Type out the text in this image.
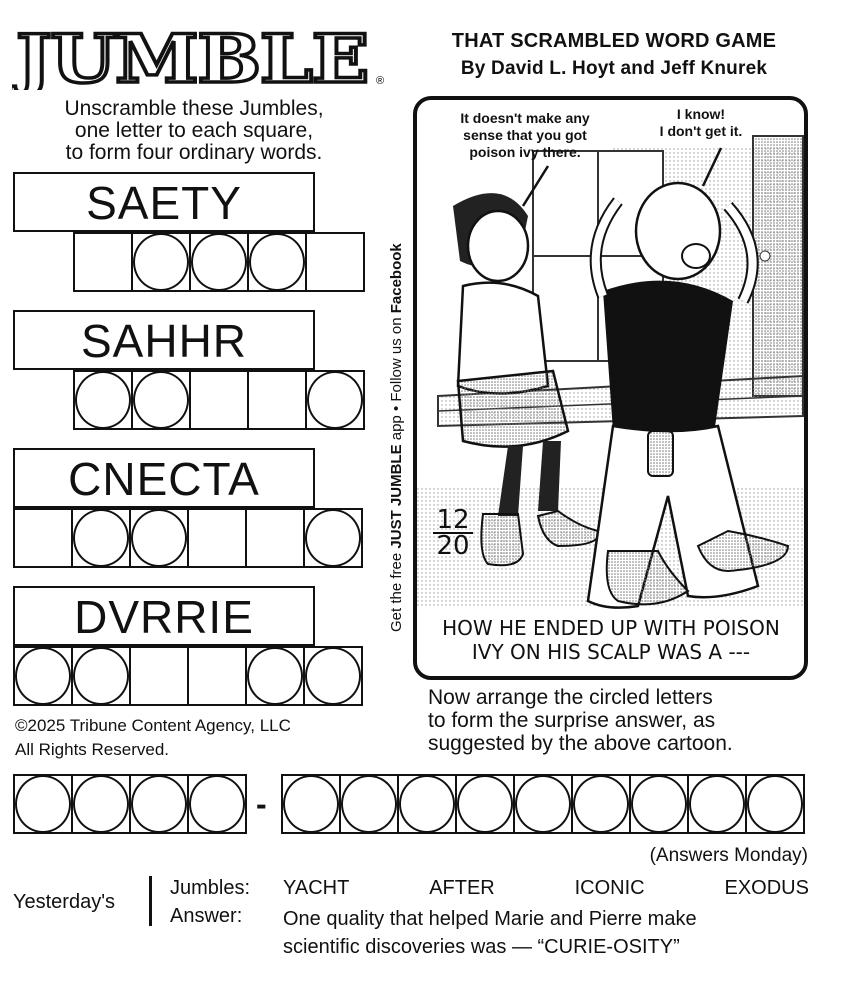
JUMBLE ®
THAT SCRAMBLED WORD GAME
By David L. Hoyt and Jeff Knurek
Unscramble these Jumbles,
one letter to each square,
to form four ordinary words.
SAETY
SAHHR
CNECTA
DVRRIE	Get the free JUST JUMBLE app • Follow us on Facebook
It doesn't make any
sense that you got
poison ivy there.
I know!
I don't get it.
12
20
HOW HE ENDED UP WITH POISON
IVY ON HIS SCALP WAS A ---
Now arrange the circled letters
to form the surprise answer, as
suggested by the above cartoon.
©2025 Tribune Content Agency, LLC
All Rights Reserved.
-
(Answers Monday)
Yesterday's
Jumbles: YACHT	AFTER	ICONIC	EXODUS
Answer: One quality that helped Marie and Pierre make
scientific discoveries was — “CURIE-OSITY”
